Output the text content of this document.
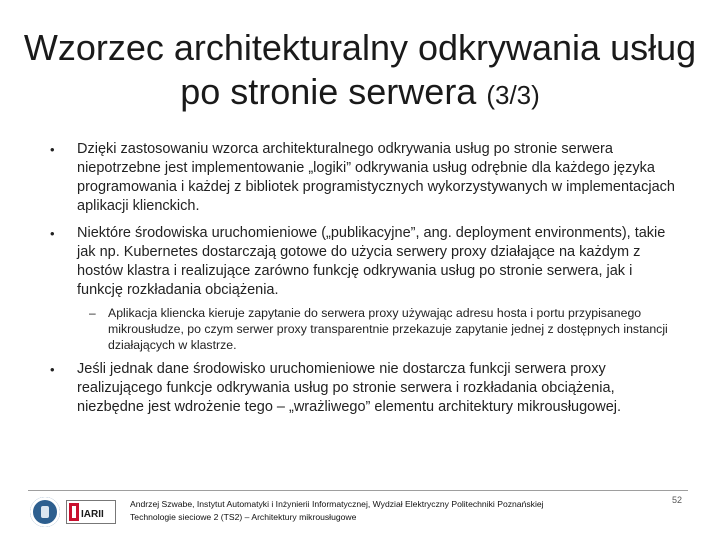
Wzorzec architekturalny odkrywania usług po stronie serwera (3/3)
• Dzięki zastosowaniu wzorca architekturalnego odkrywania usług po stronie serwera niepotrzebne jest implementowanie „logiki” odkrywania usług odrębnie dla każdego języka programowania i każdej z bibliotek programistycznych wykorzystywanych w implementacjach aplikacji klienckich.
• Niektóre środowiska uruchomieniowe („publikacyjne”, ang. deployment environments), takie jak np. Kubernetes dostarczają gotowe do użycia serwery proxy działające na każdym z hostów klastra i realizujące zarówno funkcję odkrywania usług po stronie serwera, jak i funkcję rozkładania obciążenia.
– Aplikacja kliencka kieruje zapytanie do serwera proxy używając adresu hosta i portu przypisanego mikrousłudze, po czym serwer proxy transparentnie przekazuje zapytanie jednej z dostępnych instancji działających w klastrze.
• Jeśli jednak dane środowisko uruchomieniowe nie dostarcza funkcji serwera proxy realizującego funkcje odkrywania usług po stronie serwera i rozkładania obciążenia, niezbędne jest wdrożenie tego – „wrażliwego” elementu architektury mikrousługowej.
IARII
Andrzej Szwabe, Instytut Automatyki i Inżynierii Informatycznej, Wydział Elektryczny Politechniki Poznańskiej
Technologie sieciowe 2 (TS2) – Architektury mikrousługowe
52
